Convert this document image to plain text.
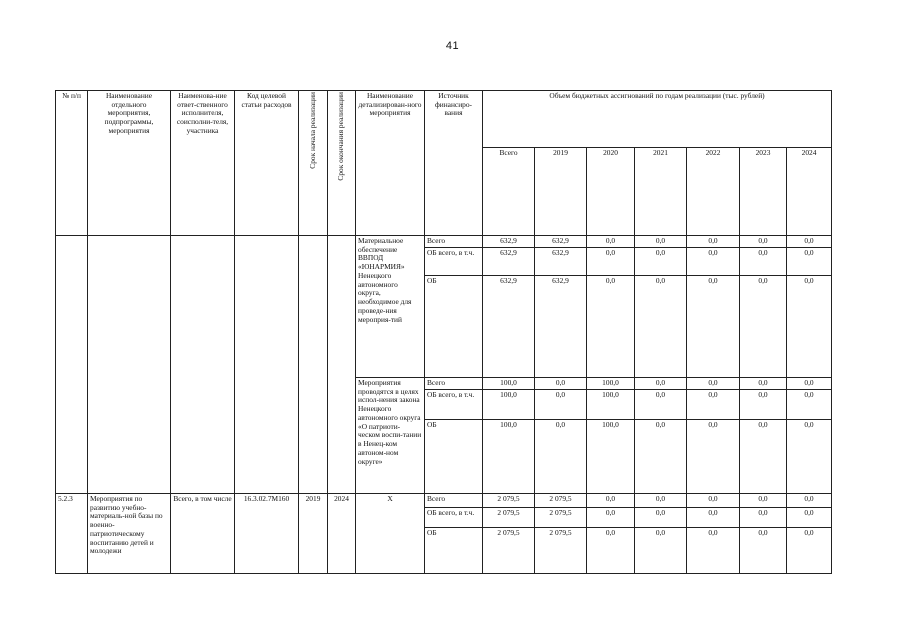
41
№ п/п	Наименование отдельного мероприятия, подпрограммы, мероприятия	Наименова-ние ответ-ственного исполнителя, соисполни-теля, участника	Код целевой статьи расходов	Срок начала реализации	Срок окончания реализации	Наименование детализирован-ного мероприятия	Источник финансиро-вания	Объем бюджетных ассигнований по годам реализации (тыс. рублей)						
								Всего	2019	2020	2021	2022	2023	2024
						Материальное обеспечение ВВПОД «ЮНАРМИЯ» Ненецкого автономного округа, необходимое для проведе-ния мероприя-тий	Всего	632,9	632,9	0,0	0,0	0,0	0,0	0,0
							ОБ всего, в т.ч.	632,9	632,9	0,0	0,0	0,0	0,0	0,0
							ОБ	632,9	632,9	0,0	0,0	0,0	0,0	0,0
						Мероприятия проводятся в целях испол-нения закона Ненецкого автономного округа «О патриоти-ческом воспи-тании в Ненец-ком автоном-ном округе»	Всего	100,0	0,0	100,0	0,0	0,0	0,0	0,0
							ОБ всего, в т.ч.	100,0	0,0	100,0	0,0	0,0	0,0	0,0
							ОБ	100,0	0,0	100,0	0,0	0,0	0,0	0,0
5.2.3	Мероприятия по развитию учебно-материаль-ной базы по военно-патриотическому воспитанию детей и молодежи	Всего, в том числе	16.3.02.7М160	2019	2024	Х	Всего	2 079,5	2 079,5	0,0	0,0	0,0	0,0	0,0
							ОБ всего, в т.ч.	2 079,5	2 079,5	0,0	0,0	0,0	0,0	0,0
							ОБ	2 079,5	2 079,5	0,0	0,0	0,0	0,0	0,0
